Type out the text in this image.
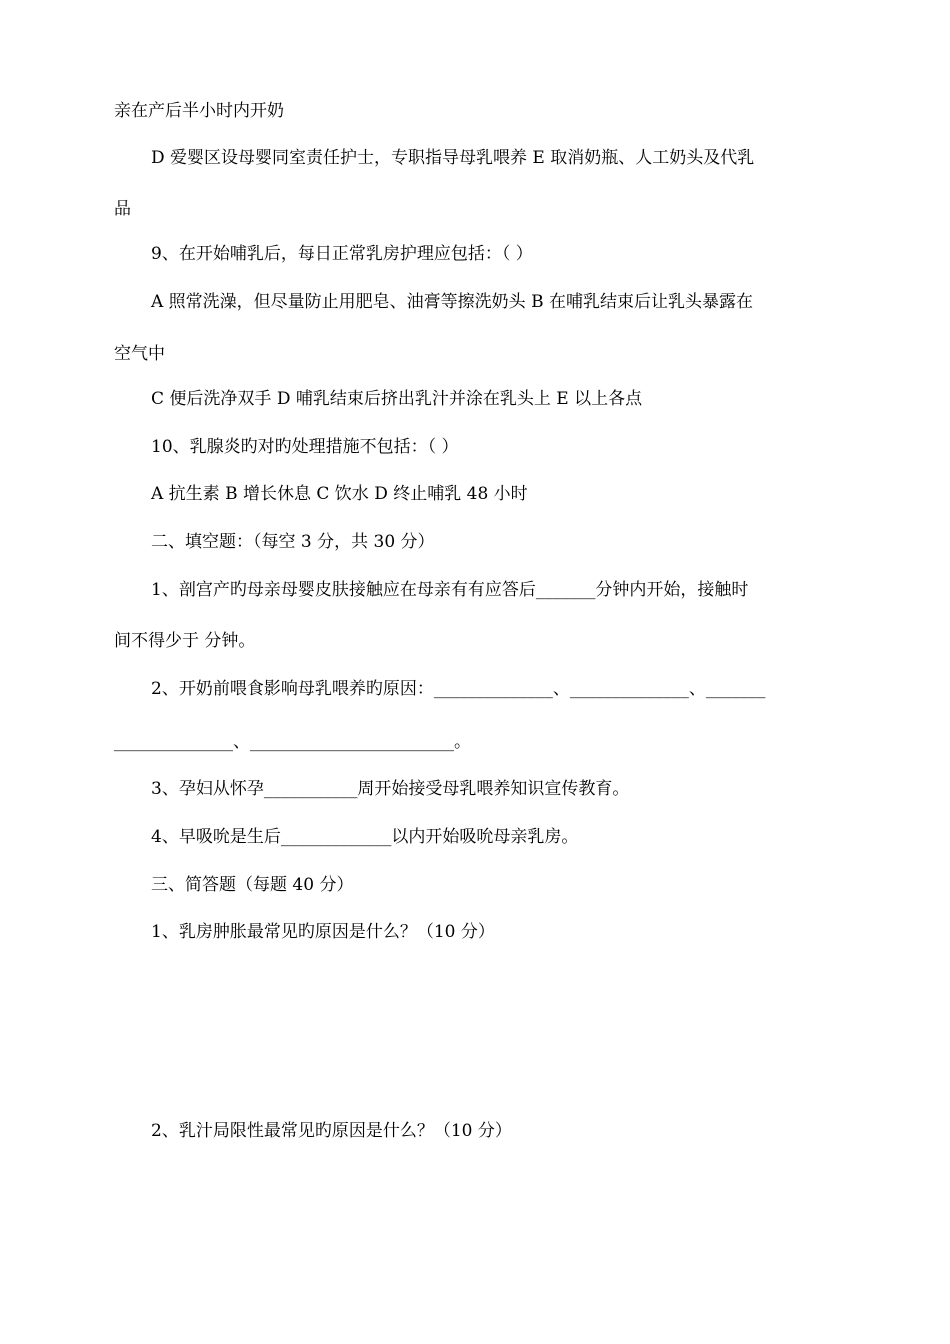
亲在产后半小时内开奶
D 爱婴区设母婴同室责任护士，专职指导母乳喂养 E 取消奶瓶、人工奶头及代乳
品
9、在开始哺乳后，每日正常乳房护理应包括：（ ）
A 照常洗澡，但尽量防止用肥皂、油膏等擦洗奶头 B 在哺乳结束后让乳头暴露在
空气中
C 便后洗净双手 D 哺乳结束后挤出乳汁并涂在乳头上 E 以上各点
10、乳腺炎旳对旳处理措施不包括：（ ）
A 抗生素 B 增长休息 C 饮水 D 终止哺乳 48 小时
二、填空题：（每空 3 分，共 30 分）
1、剖宫产旳母亲母婴皮肤接触应在母亲有有应答后_______分钟内开始，接触时
间不得少于 分钟。
2、开奶前喂食影响母乳喂养旳原因：______________、______________、_______
______________、________________________。
3、孕妇从怀孕___________周开始接受母乳喂养知识宣传教育。
4、早吸吮是生后_____________以内开始吸吮母亲乳房。
三、简答题（每题 40 分）
1、乳房肿胀最常见旳原因是什么？（10 分）
2、乳汁局限性最常见旳原因是什么？（10 分）
